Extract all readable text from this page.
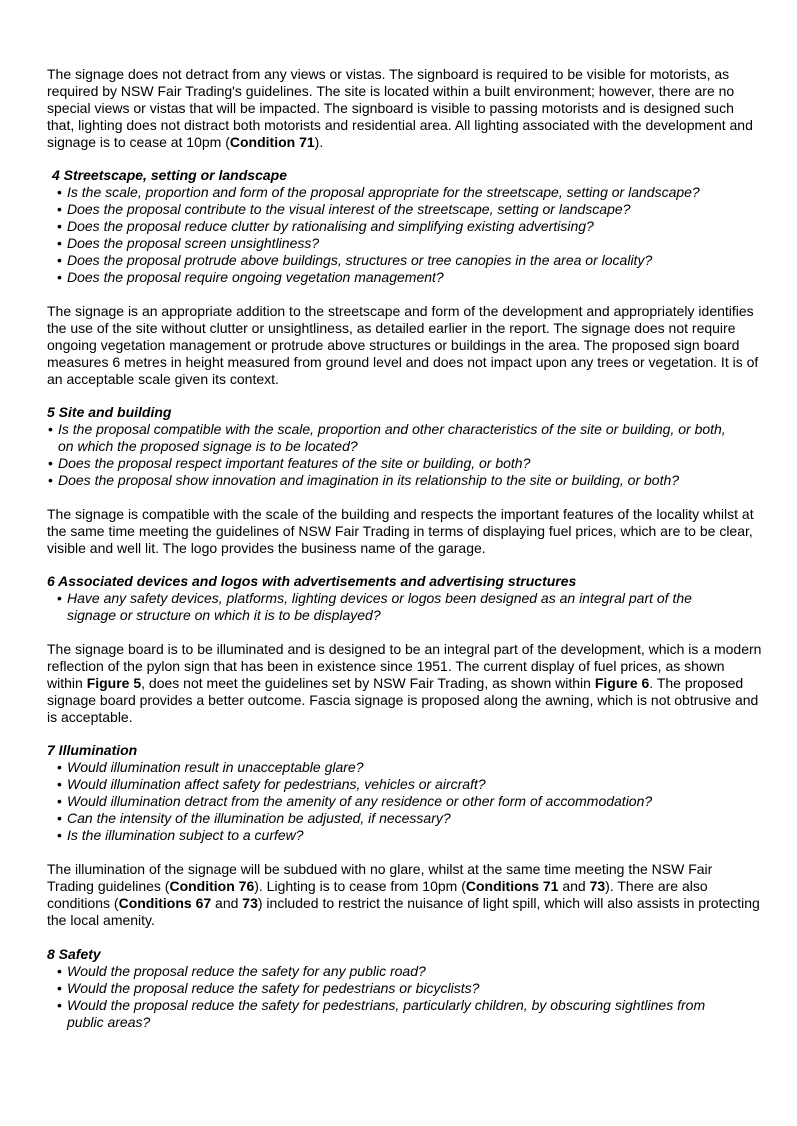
The signage does not detract from any views or vistas. The signboard is required to be visible for motorists, as required by NSW Fair Trading's guidelines. The site is located within a built environment; however, there are no special views or vistas that will be impacted. The signboard is visible to passing motorists and is designed such that, lighting does not distract both motorists and residential area. All lighting associated with the development and signage is to cease at 10pm (Condition 71).

4 Streetscape, setting or landscape

• Is the scale, proportion and form of the proposal appropriate for the streetscape, setting or landscape?
• Does the proposal contribute to the visual interest of the streetscape, setting or landscape?
• Does the proposal reduce clutter by rationalising and simplifying existing advertising?
• Does the proposal screen unsightliness?
• Does the proposal protrude above buildings, structures or tree canopies in the area or locality?
• Does the proposal require ongoing vegetation management?

The signage is an appropriate addition to the streetscape and form of the development and appropriately identifies the use of the site without clutter or unsightliness, as detailed earlier in the report. The signage does not require ongoing vegetation management or protrude above structures or buildings in the area. The proposed sign board measures 6 metres in height measured from ground level and does not impact upon any trees or vegetation. It is of an acceptable scale given its context.

5 Site and building

• Is the proposal compatible with the scale, proportion and other characteristics of the site or building, or both, on which the proposed signage is to be located?
• Does the proposal respect important features of the site or building, or both?
• Does the proposal show innovation and imagination in its relationship to the site or building, or both?

The signage is compatible with the scale of the building and respects the important features of the locality whilst at the same time meeting the guidelines of NSW Fair Trading in terms of displaying fuel prices, which are to be clear, visible and well lit. The logo provides the business name of the garage.

6 Associated devices and logos with advertisements and advertising structures

• Have any safety devices, platforms, lighting devices or logos been designed as an integral part of the signage or structure on which it is to be displayed?

The signage board is to be illuminated and is designed to be an integral part of the development, which is a modern reflection of the pylon sign that has been in existence since 1951. The current display of fuel prices, as shown within Figure 5, does not meet the guidelines set by NSW Fair Trading, as shown within Figure 6. The proposed signage board provides a better outcome. Fascia signage is proposed along the awning, which is not obtrusive and is acceptable.

7 Illumination

• Would illumination result in unacceptable glare?
• Would illumination affect safety for pedestrians, vehicles or aircraft?
• Would illumination detract from the amenity of any residence or other form of accommodation?
• Can the intensity of the illumination be adjusted, if necessary?
• Is the illumination subject to a curfew?

The illumination of the signage will be subdued with no glare, whilst at the same time meeting the NSW Fair Trading guidelines (Condition 76). Lighting is to cease from 10pm (Conditions 71 and 73). There are also conditions (Conditions 67 and 73) included to restrict the nuisance of light spill, which will also assists in protecting the local amenity.

8 Safety

• Would the proposal reduce the safety for any public road?
• Would the proposal reduce the safety for pedestrians or bicyclists?
• Would the proposal reduce the safety for pedestrians, particularly children, by obscuring sightlines from public areas?
